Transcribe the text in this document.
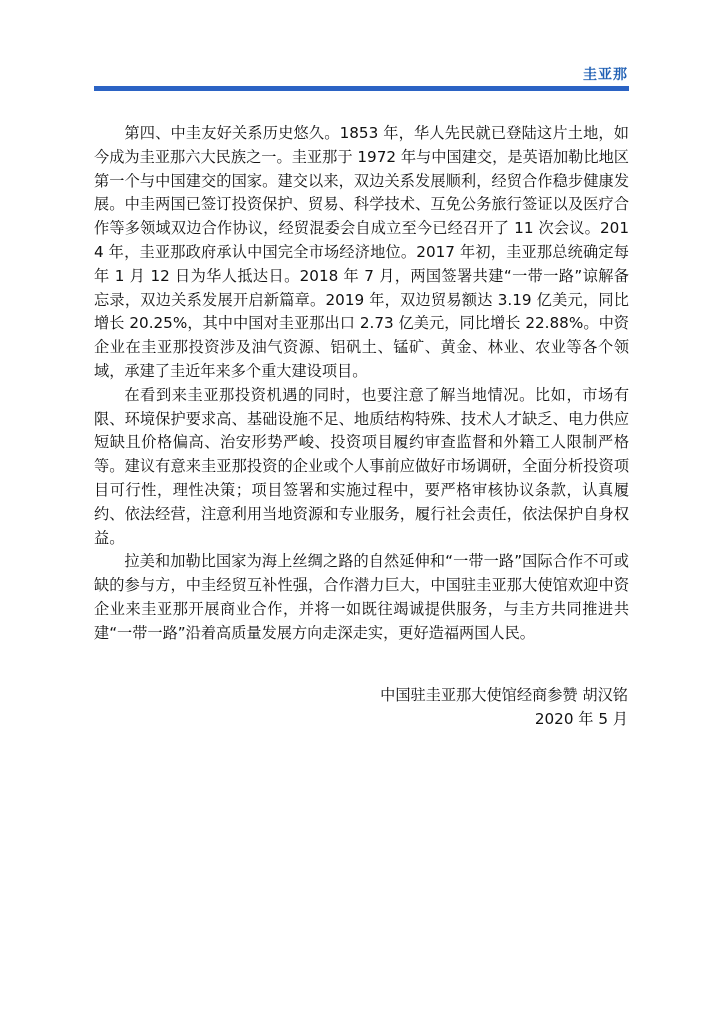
圭亚那

第四、中圭友好关系历史悠久。1853 年，华人先民就已登陆这片土地，如今成为圭亚那六大民族之一。圭亚那于 1972 年与中国建交，是英语加勒比地区第一个与中国建交的国家。建交以来，双边关系发展顺利，经贸合作稳步健康发展。中圭两国已签订投资保护、贸易、科学技术、互免公务旅行签证以及医疗合作等多领域双边合作协议，经贸混委会自成立至今已经召开了 11 次会议。2014 年，圭亚那政府承认中国完全市场经济地位。2017 年初，圭亚那总统确定每年 1 月 12 日为华人抵达日。2018 年 7 月，两国签署共建“一带一路”谅解备忘录，双边关系发展开启新篇章。2019 年，双边贸易额达 3.19 亿美元，同比增长 20.25%，其中中国对圭亚那出口 2.73 亿美元，同比增长 22.88%。中资企业在圭亚那投资涉及油气资源、铝矾土、锰矿、黄金、林业、农业等各个领域，承建了圭近年来多个重大建设项目。

在看到来圭亚那投资机遇的同时，也要注意了解当地情况。比如，市场有限、环境保护要求高、基础设施不足、地质结构特殊、技术人才缺乏、电力供应短缺且价格偏高、治安形势严峻、投资项目履约审查监督和外籍工人限制严格等。建议有意来圭亚那投资的企业或个人事前应做好市场调研，全面分析投资项目可行性，理性决策；项目签署和实施过程中，要严格审核协议条款，认真履约、依法经营，注意利用当地资源和专业服务，履行社会责任，依法保护自身权益。

拉美和加勒比国家为海上丝绸之路的自然延伸和“一带一路”国际合作不可或缺的参与方，中圭经贸互补性强，合作潜力巨大，中国驻圭亚那大使馆欢迎中资企业来圭亚那开展商业合作，并将一如既往竭诚提供服务，与圭方共同推进共建“一带一路”沿着高质量发展方向走深走实，更好造福两国人民。

中国驻圭亚那大使馆经商参赞 胡汉铭
2020 年 5 月
